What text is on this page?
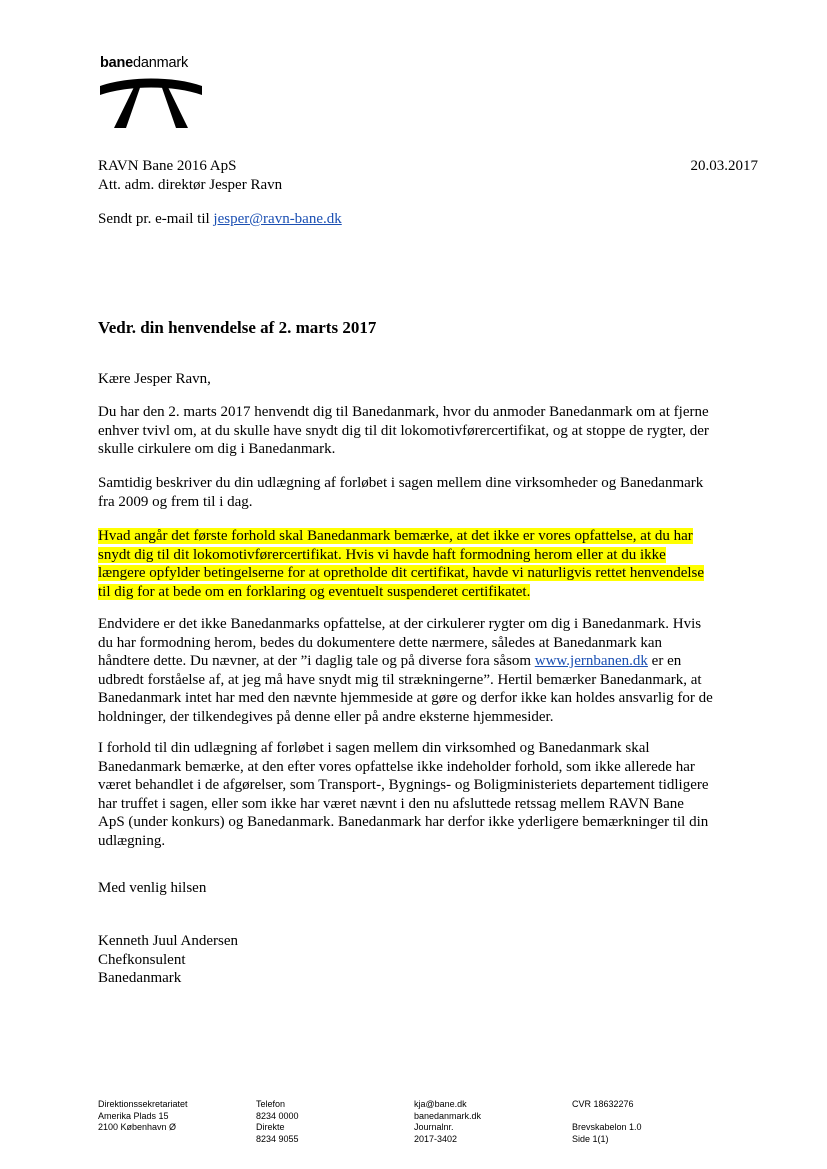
banedanmark
RAVN Bane 2016 ApS
Att. adm. direktør Jesper Ravn
20.03.2017
Sendt pr. e-mail til jesper@ravn-bane.dk
Vedr. din henvendelse af 2. marts 2017
Kære Jesper Ravn,
Du har den 2. marts 2017 henvendt dig til Banedanmark, hvor du anmoder Banedanmark om at fjerne
enhver tvivl om, at du skulle have snydt dig til dit lokomotivførercertifikat, og at stoppe de rygter, der
skulle cirkulere om dig i Banedanmark.
Samtidig beskriver du din udlægning af forløbet i sagen mellem dine virksomheder og Banedanmark
fra 2009 og frem til i dag.
Hvad angår det første forhold skal Banedanmark bemærke, at det ikke er vores opfattelse, at du har
snydt dig til dit lokomotivførercertifikat. Hvis vi havde haft formodning herom eller at du ikke
længere opfylder betingelserne for at opretholde dit certifikat, havde vi naturligvis rettet henvendelse
til dig for at bede om en forklaring og eventuelt suspenderet certifikatet.
Endvidere er det ikke Banedanmarks opfattelse, at der cirkulerer rygter om dig i Banedanmark. Hvis
du har formodning herom, bedes du dokumentere dette nærmere, således at Banedanmark kan
håndtere dette. Du nævner, at der ”i daglig tale og på diverse fora såsom www.jernbanen.dk er en
udbredt forståelse af, at jeg må have snydt mig til strækningerne”. Hertil bemærker Banedanmark, at
Banedanmark intet har med den nævnte hjemmeside at gøre og derfor ikke kan holdes ansvarlig for de
holdninger, der tilkendegives på denne eller på andre eksterne hjemmesider.
I forhold til din udlægning af forløbet i sagen mellem din virksomhed og Banedanmark skal
Banedanmark bemærke, at den efter vores opfattelse ikke indeholder forhold, som ikke allerede har
været behandlet i de afgørelser, som Transport-, Bygnings- og Boligministeriets departement tidligere
har truffet i sagen, eller som ikke har været nævnt i den nu afsluttede retssag mellem RAVN Bane
ApS (under konkurs) og Banedanmark. Banedanmark har derfor ikke yderligere bemærkninger til din
udlægning.
Med venlig hilsen
Kenneth Juul Andersen
Chefkonsulent
Banedanmark
Direktionssekretariatet
Amerika Plads 15
2100 København Ø
Telefon
8234 0000
Direkte
8234 9055
kja@bane.dk
banedanmark.dk
Journalnr.
2017-3402
CVR 18632276

Brevskabelon 1.0
Side 1(1)
